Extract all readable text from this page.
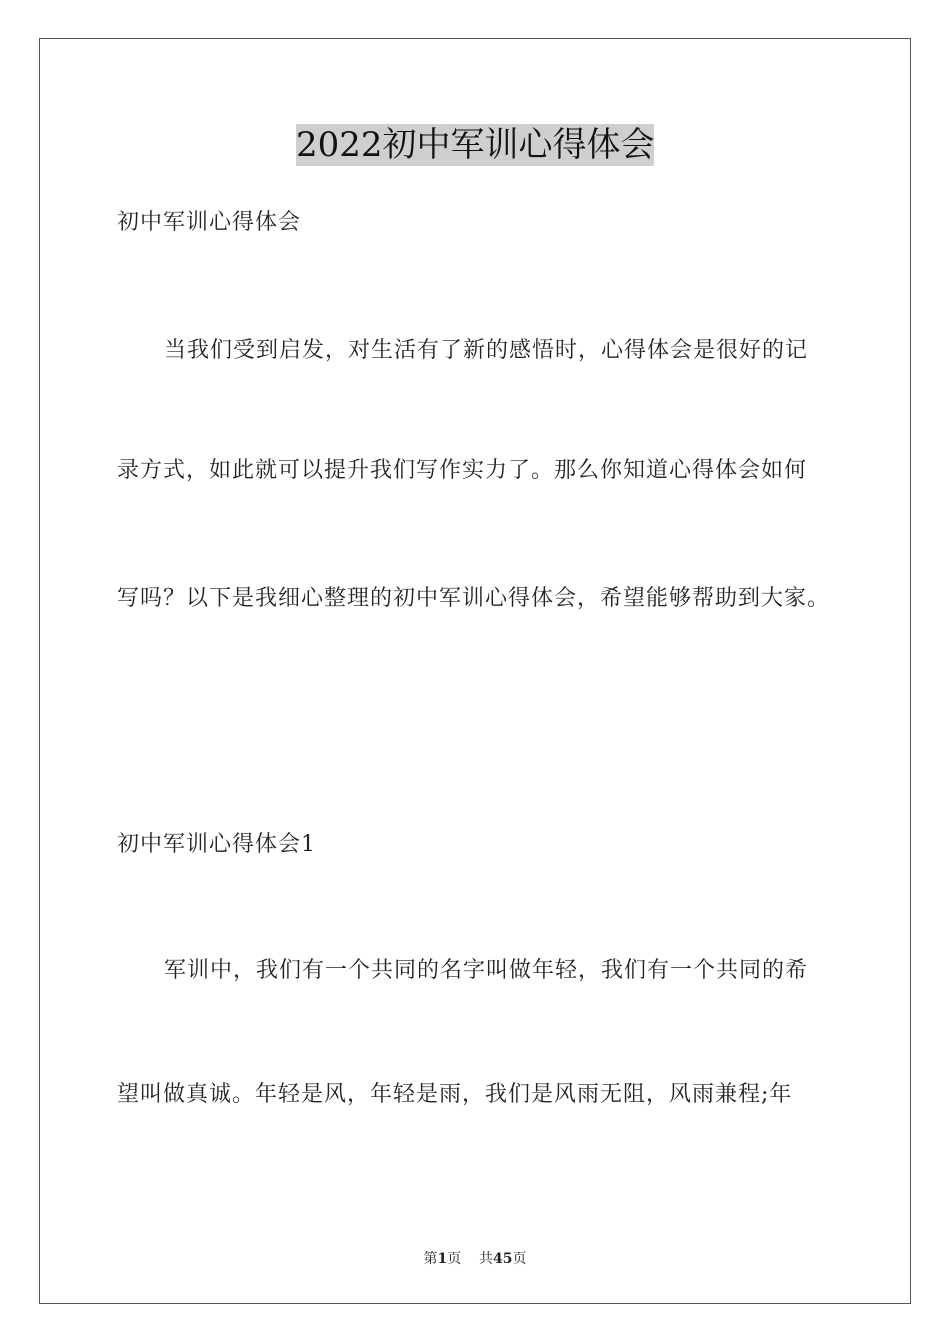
2022初中军训心得体会
初中军训心得体会
当我们受到启发，对生活有了新的感悟时，心得体会是很好的记
录方式，如此就可以提升我们写作实力了。那么你知道心得体会如何
写吗？以下是我细心整理的初中军训心得体会，希望能够帮助到大家。
初中军训心得体会1
军训中，我们有一个共同的名字叫做年轻，我们有一个共同的希
望叫做真诚。年轻是风，年轻是雨，我们是风雨无阻，风雨兼程;年
第1页 共45页
